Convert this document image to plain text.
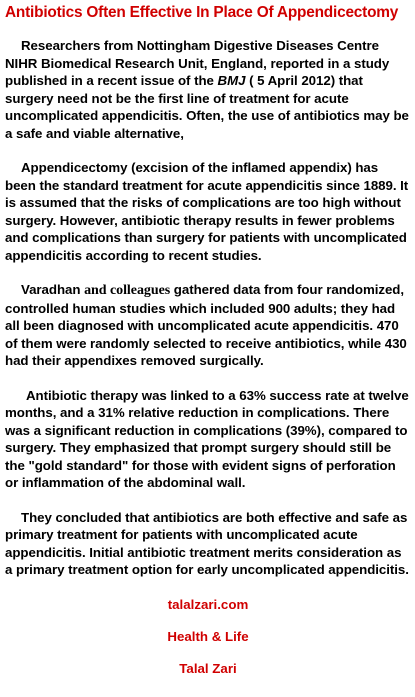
Antibiotics Often Effective In Place Of Appendicectomy

Researchers from Nottingham Digestive Diseases Centre NIHR Biomedical Research Unit, England, reported in a study published in a recent issue of the BMJ ( 5 April 2012) that surgery need not be the first line of treatment for acute uncomplicated appendicitis. Often, the use of antibiotics may be a safe and viable alternative,

Appendicectomy (excision of the inflamed appendix) has been the standard treatment for acute appendicitis since 1889. It is assumed that the risks of complications are too high without surgery. However, antibiotic therapy results in fewer problems and complications than surgery for patients with uncomplicated appendicitis according to recent studies.

Varadhan and colleagues gathered data from four randomized, controlled human studies which included 900 adults; they had all been diagnosed with uncomplicated acute appendicitis. 470 of them were randomly selected to receive antibiotics, while 430 had their appendixes removed surgically.

Antibiotic therapy was linked to a 63% success rate at twelve months, and a 31% relative reduction in complications. There was a significant reduction in complications (39%), compared to surgery. They emphasized that prompt surgery should still be the "gold standard" for those with evident signs of perforation or inflammation of the abdominal wall.

They concluded that antibiotics are both effective and safe as primary treatment for patients with uncomplicated acute appendicitis. Initial antibiotic treatment merits consideration as a primary treatment option for early uncomplicated appendicitis.

talalzari.com
Health & Life
Talal Zari
